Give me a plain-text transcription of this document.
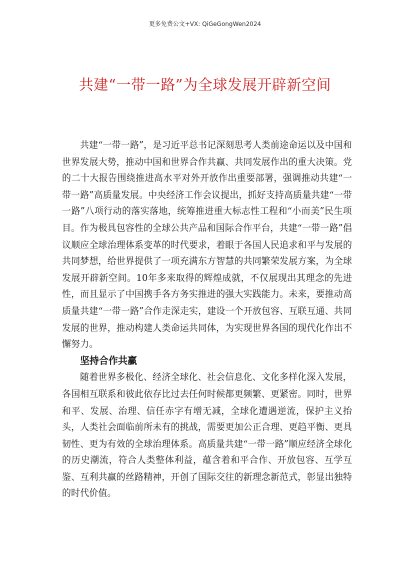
更多免费公文+VX: QiGeGongWen2024
共建“一带一路”为全球发展开辟新空间

共建“一带一路”，是习近平总书记深刻思考人类前途命运以及中国和世界发展大势，推动中国和世界合作共赢、共同发展作出的重大决策。党的二十大报告围绕推进高水平对外开放作出重要部署，强调推动共建“一带一路”高质量发展。中央经济工作会议提出，抓好支持高质量共建“一带一路”八项行动的落实落地，统筹推进重大标志性工程和“小而美”民生项目。作为极具包容性的全球公共产品和国际合作平台，共建“一带一路”倡议顺应全球治理体系变革的时代要求，着眼于各国人民追求和平与发展的共同梦想，给世界提供了一项充满东方智慧的共同繁荣发展方案，为全球发展开辟新空间。10年多来取得的辉煌成就，不仅展现出其理念的先进性，而且显示了中国携手各方务实推进的强大实践能力。未来，要推动高质量共建“一带一路”合作走深走实，建设一个开放包容、互联互通、共同发展的世界，推动构建人类命运共同体，为实现世界各国的现代化作出不懈努力。

坚持合作共赢

随着世界多极化、经济全球化、社会信息化、文化多样化深入发展，各国相互联系和彼此依存比过去任何时候都更频繁、更紧密。同时，世界和平、发展、治理、信任赤字有增无减，全球化遭遇逆流，保护主义抬头，人类社会面临前所未有的挑战，需要更加公正合理、更趋平衡、更具韧性、更为有效的全球治理体系。高质量共建“一带一路”顺应经济全球化的历史潮流，符合人类整体利益，蕴含着和平合作、开放包容、互学互鉴、互利共赢的丝路精神，开创了国际交往的新理念新范式，彰显出独特的时代价值。
